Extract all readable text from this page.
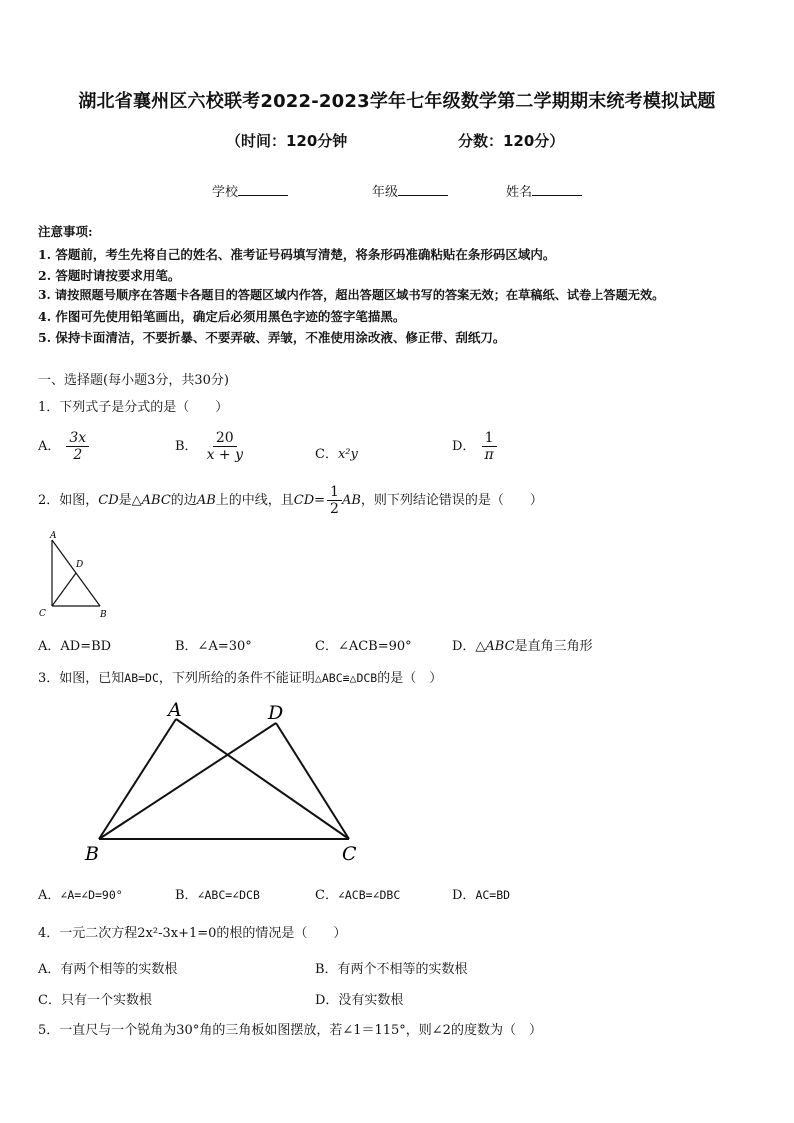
湖北省襄州区六校联考2022-2023学年七年级数学第二学期期末统考模拟试题
（时间：120分钟	分数：120分）
学校	年级	姓名
注意事项:
1. 答题前，考生先将自己的姓名、准考证号码填写清楚，将条形码准确粘贴在条形码区域内。
2. 答题时请按要求用笔。
3. 请按照题号顺序在答题卡各题目的答题区域内作答，超出答题区域书写的答案无效；在草稿纸、试卷上答题无效。
4. 作图可先使用铅笔画出，确定后必须用黑色字迹的签字笔描黑。
5. 保持卡面清洁，不要折暴、不要弄破、弄皱，不准使用涂改液、修正带、刮纸刀。
一、选择题(每小题3分，共30分)
1．下列式子是分式的是（　　）
A． $\frac{3x}{2}$	B． $\frac{20}{x + y}$	C．x²y
D． $\frac{1}{\pi}$
2．如图，CD是△ABC的边AB上的中线，且$CD= \frac{1}{2}$ AB，则下列结论错误的是（　　）
A
D
C	B
A．AD=BD	B．∠A=30°	C．∠ACB=90°	D．△ABC是直角三角形
3．如图，已知AB=DC，下列所给的条件不能证明△ABC≌△DCB的是（　）
A	D
B	C
A．∠A=∠D=90°	B．∠ABC=∠DCB	C．∠ACB=∠DBC	D．AC=BD
4．一元二次方程2x²-3x+1=0的根的情况是（　　）
A．有两个相等的实数根	B．有两个不相等的实数根
C．只有一个实数根	D．没有实数根
5．一直尺与一个锐角为30°角的三角板如图摆放，若∠1＝115°，则∠2的度数为（　）
